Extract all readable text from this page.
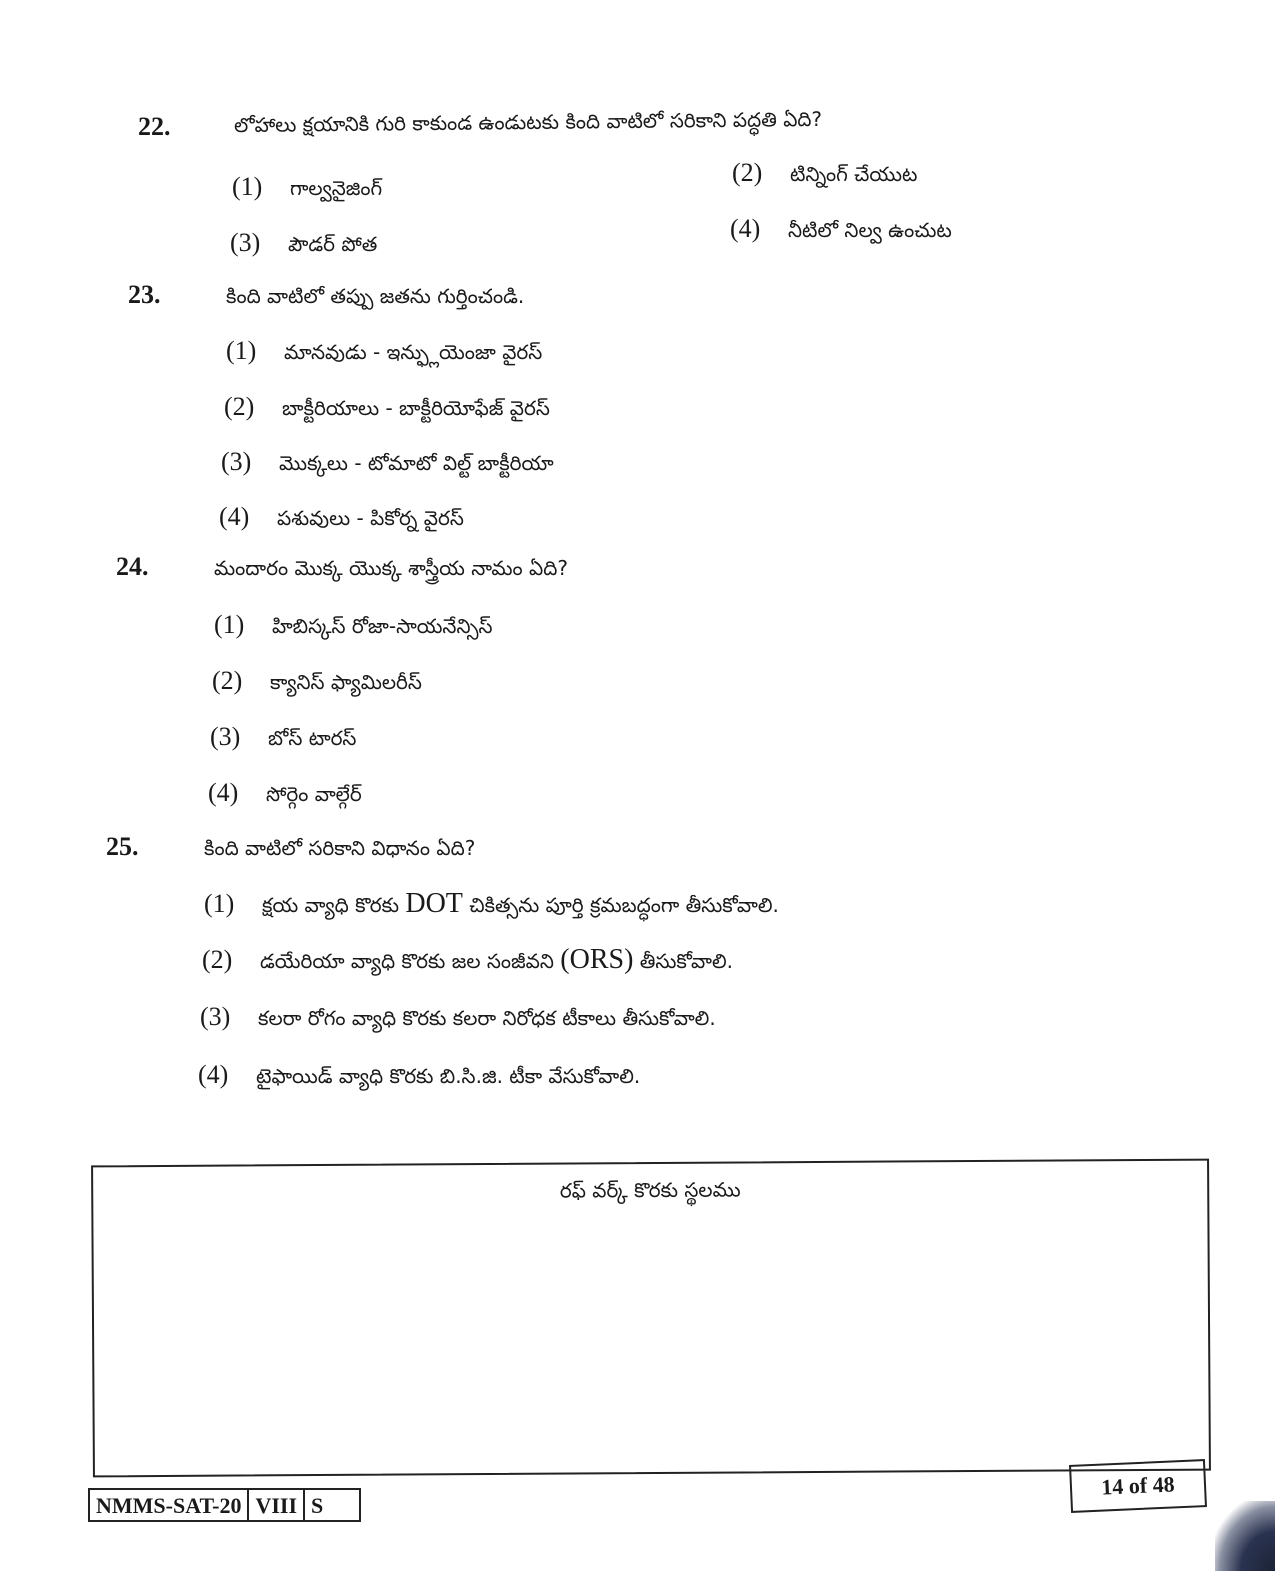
22.	లోహాలు క్షయానికి గురి కాకుండ ఉండుటకు కింది వాటిలో సరికాని పద్ధతి ఏది?
(1)	గాల్వనైజింగ్
(2)	టిన్నింగ్ చేయుట
(3)	పౌడర్ పోత
(4)	నీటిలో నిల్వ ఉంచుట
23.	కింది వాటిలో తప్పు జతను గుర్తించండి.
(1)	మానవుడు - ఇన్ఫ్లుయెంజా వైరస్
(2)	బాక్టీరియాలు - బాక్టీరియోఫేజ్ వైరస్
(3)	మొక్కలు - టోమాటో విల్ట్ బాక్టీరియా
(4)	పశువులు - పికోర్న వైరస్
24.	మందారం మొక్క యొక్క శాస్త్రీయ నామం ఏది?
(1)	హిబిస్కస్ రోజా-సాయనేన్సిస్
(2)	క్యానిస్ ఫ్యామిలరీస్
(3)	బోస్ టారస్
(4)	సోర్గెం వాల్గేర్
25.	కింది వాటిలో సరికాని విధానం ఏది?
(1)	క్షయ వ్యాధి కొరకు DOT చికిత్సను పూర్తి క్రమబద్ధంగా తీసుకోవాలి.
(2)	డయేరియా వ్యాధి కొరకు జల సంజీవని (ORS) తీసుకోవాలి.
(3)	కలరా రోగం వ్యాధి కొరకు కలరా నిరోధక టీకాలు తీసుకోవాలి.
(4)	టైఫాయిడ్ వ్యాధి కొరకు బి.సి.జి. టీకా వేసుకోవాలి.
రఫ్ వర్క్ కొరకు స్థలము
NMMS-SAT-20 VIII S
14 of 48
